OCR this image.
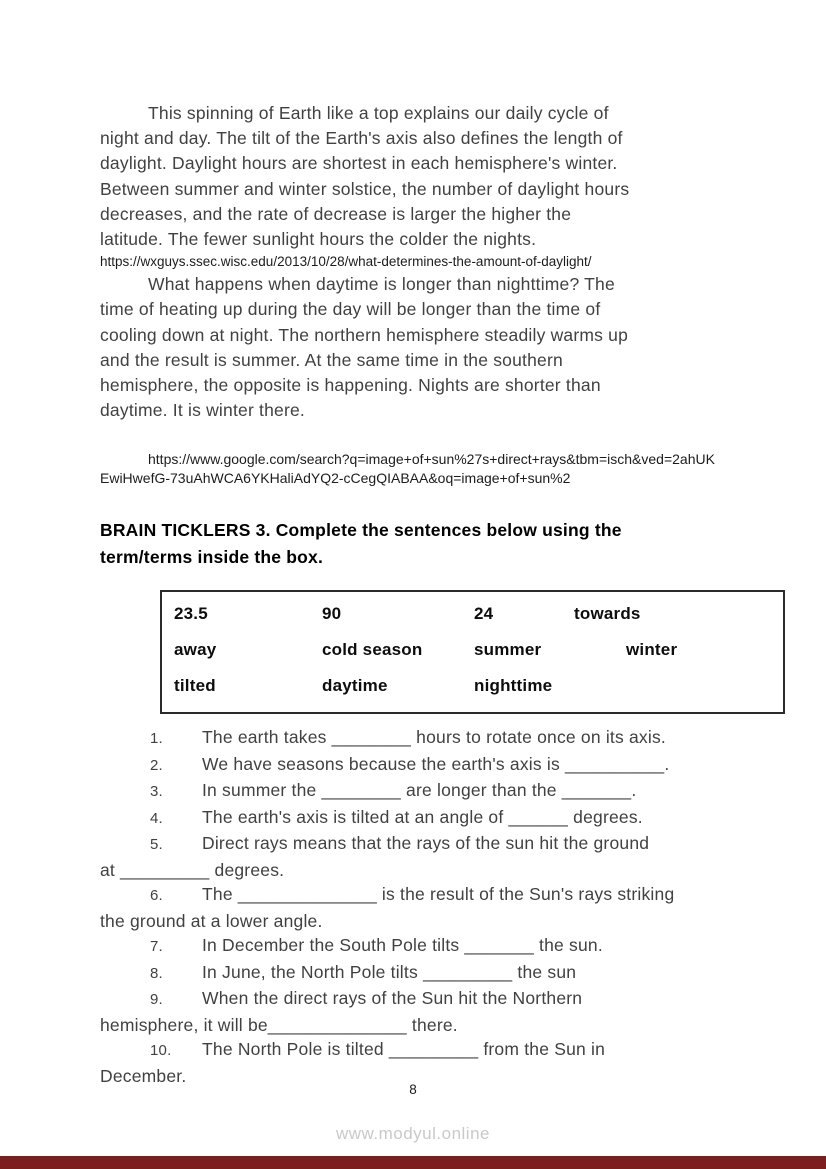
This spinning of Earth like a top explains our daily cycle of
night and day. The tilt of the Earth's axis also defines the length of
daylight. Daylight hours are shortest in each hemisphere's winter.
Between summer and winter solstice, the number of daylight hours
decreases, and the rate of decrease is larger the higher the
latitude. The fewer sunlight hours the colder the nights.
https://wxguys.ssec.wisc.edu/2013/10/28/what-determines-the-amount-of-daylight/
What happens when daytime is longer than nighttime? The
time of heating up during the day will be longer than the time of
cooling down at night. The northern hemisphere steadily warms up
and the result is summer. At the same time in the southern
hemisphere, the opposite is happening. Nights are shorter than
daytime. It is winter there.
https://www.google.com/search?q=image+of+sun%27s+direct+rays&tbm=isch&ved=2ahUK
EwiHwefG-73uAhWCA6YKHaliAdYQ2-cCegQIABAA&oq=image+of+sun%2
BRAIN TICKLERS 3. Complete the sentences below using the
term/terms inside the box.
23.5	90	24	towards
away	cold season	summer	winter
tilted	daytime	nighttime
1. The earth takes ________ hours to rotate once on its axis.
2. We have seasons because the earth's axis is __________.
3. In summer the ________ are longer than the _______.
4. The earth's axis is tilted at an angle of ______ degrees.
5. Direct rays means that the rays of the sun hit the ground
at _________ degrees.
6. The ______________ is the result of the Sun's rays striking
the ground at a lower angle.
7. In December the South Pole tilts _______ the sun.
8. In June, the North Pole tilts _________ the sun
9. When the direct rays of the Sun hit the Northern
hemisphere, it will be______________ there.
10. The North Pole is tilted _________ from the Sun in
December.
8
www.modyul.online
